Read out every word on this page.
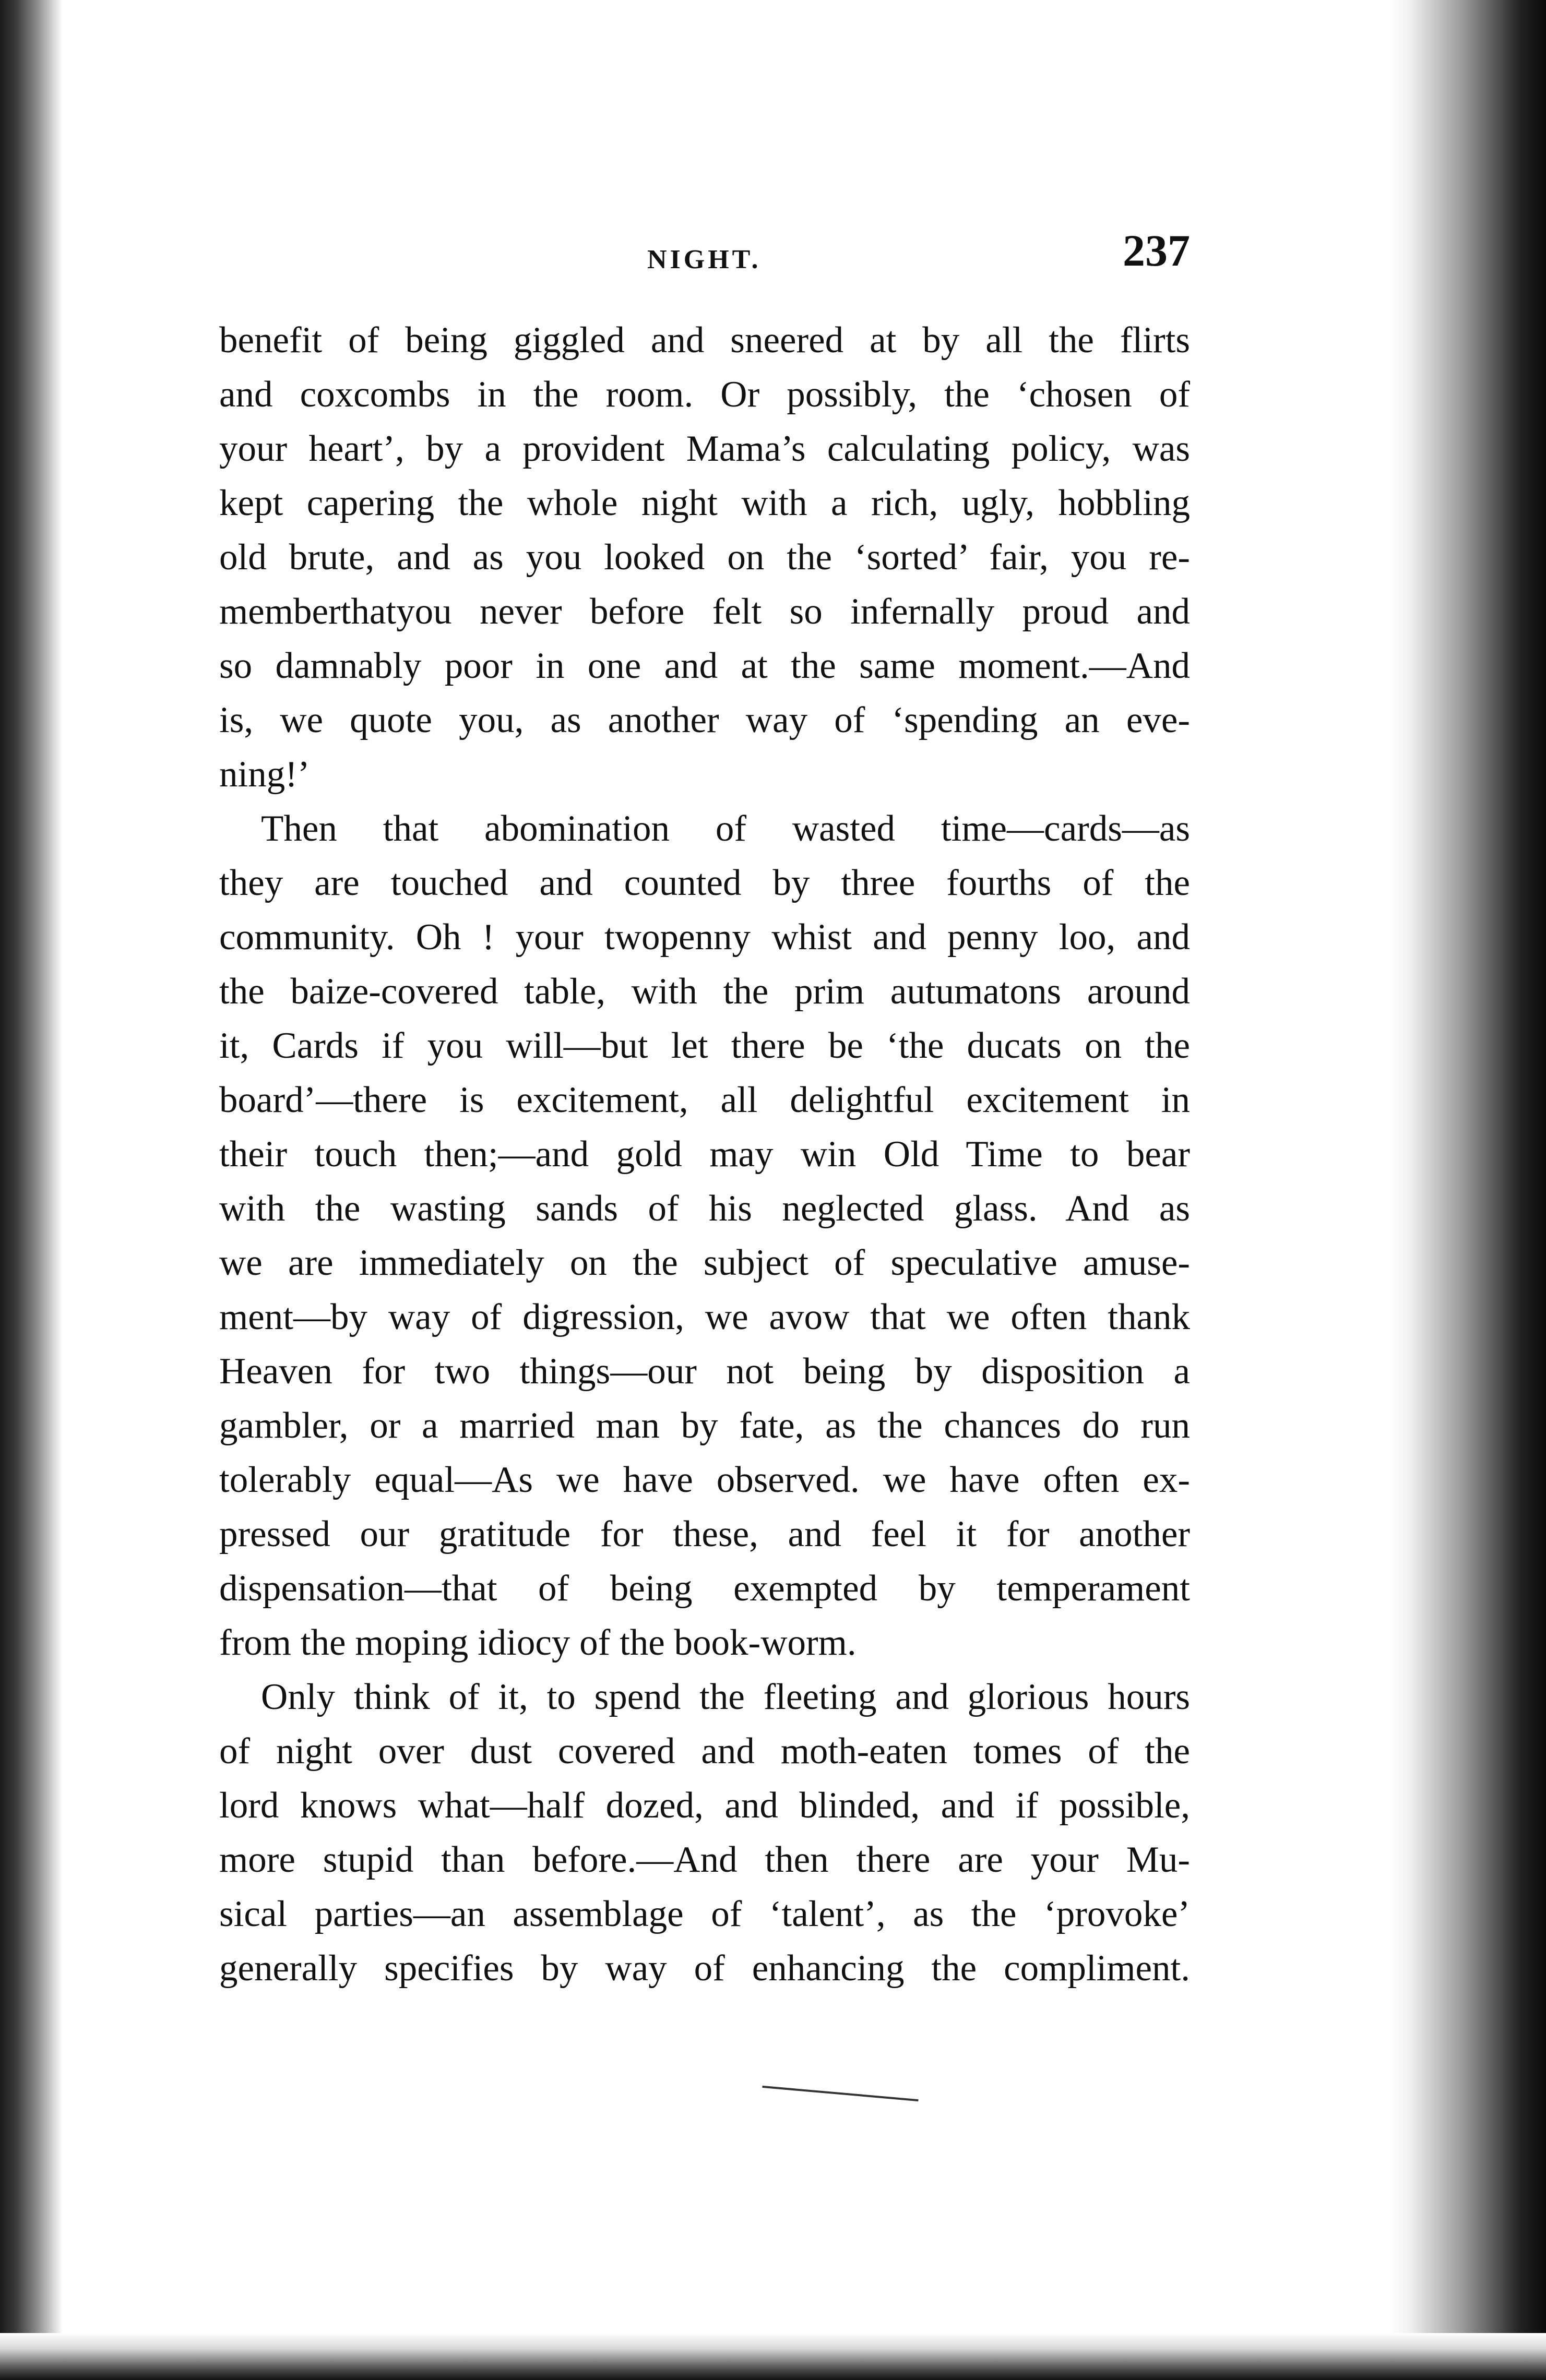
NIGHT.	237
benefit of being giggled and sneered at by all the flirts
and coxcombs in the room. Or possibly, the ‘chosen of
your heart’, by a provident Mama’s calculating policy, was
kept capering the whole night with a rich, ugly, hobbling
old brute, and as you looked on the ‘sorted’ fair, you re-
memberthatyou never before felt so infernally proud and
so damnably poor in one and at the same moment.—And
is, we quote you, as another way of ‘spending an eve-
ning!’
Then that abomination of wasted time—cards—as
they are touched and counted by three fourths of the
community. Oh ! your twopenny whist and penny loo, and
the baize-covered table, with the prim autumatons around
it, Cards if you will—but let there be ‘the ducats on the
board’—there is excitement, all delightful excitement in
their touch then;—and gold may win Old Time to bear
with the wasting sands of his neglected glass. And as
we are immediately on the subject of speculative amuse-
ment—by way of digression, we avow that we often thank
Heaven for two things—our not being by disposition a
gambler, or a married man by fate, as the chances do run
tolerably equal—As we have observed. we have often ex-
pressed our gratitude for these, and feel it for another
dispensation—that of being exempted by temperament
from the moping idiocy of the book-worm.
Only think of it, to spend the fleeting and glorious hours
of night over dust covered and moth-eaten tomes of the
lord knows what—half dozed, and blinded, and if possible,
more stupid than before.—And then there are your Mu-
sical parties—an assemblage of ‘talent’, as the ‘provoke’
generally specifies by way of enhancing the compliment.
